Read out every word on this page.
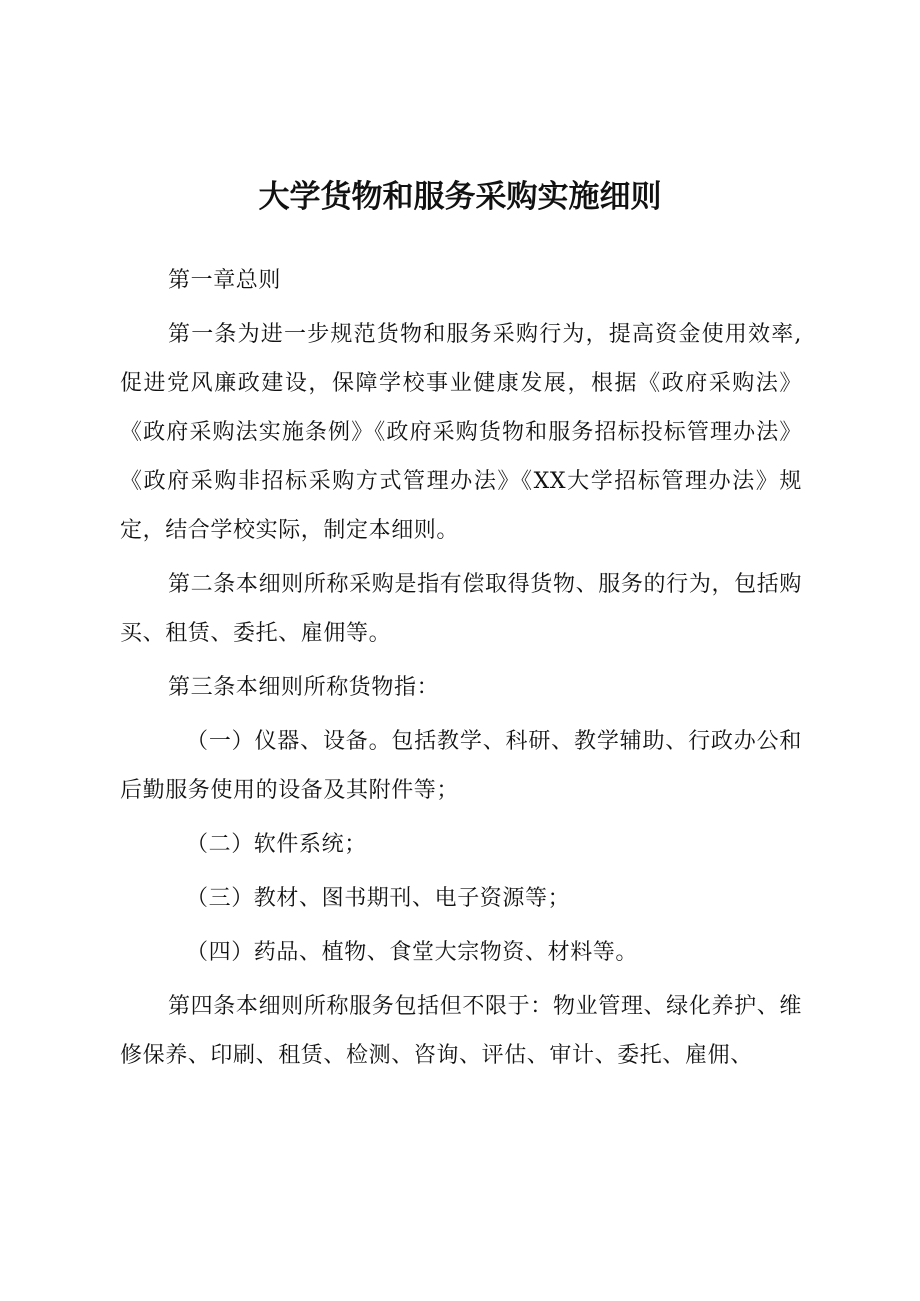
大学货物和服务采购实施细则

第一章总则

第一条为进一步规范货物和服务采购行为，提高资金使用效率,促进党风廉政建设，保障学校事业健康发展，根据《政府采购法》《政府采购法实施条例》《政府采购货物和服务招标投标管理办法》《政府采购非招标采购方式管理办法》《XX大学招标管理办法》规定，结合学校实际，制定本细则。

第二条本细则所称采购是指有偿取得货物、服务的行为，包括购买、租赁、委托、雇佣等。

第三条本细则所称货物指：

（一）仪器、设备。包括教学、科研、教学辅助、行政办公和后勤服务使用的设备及其附件等；

（二）软件系统；

（三）教材、图书期刊、电子资源等；

（四）药品、植物、食堂大宗物资、材料等。

第四条本细则所称服务包括但不限于：物业管理、绿化养护、维修保养、印刷、租赁、检测、咨询、评估、审计、委托、雇佣、
